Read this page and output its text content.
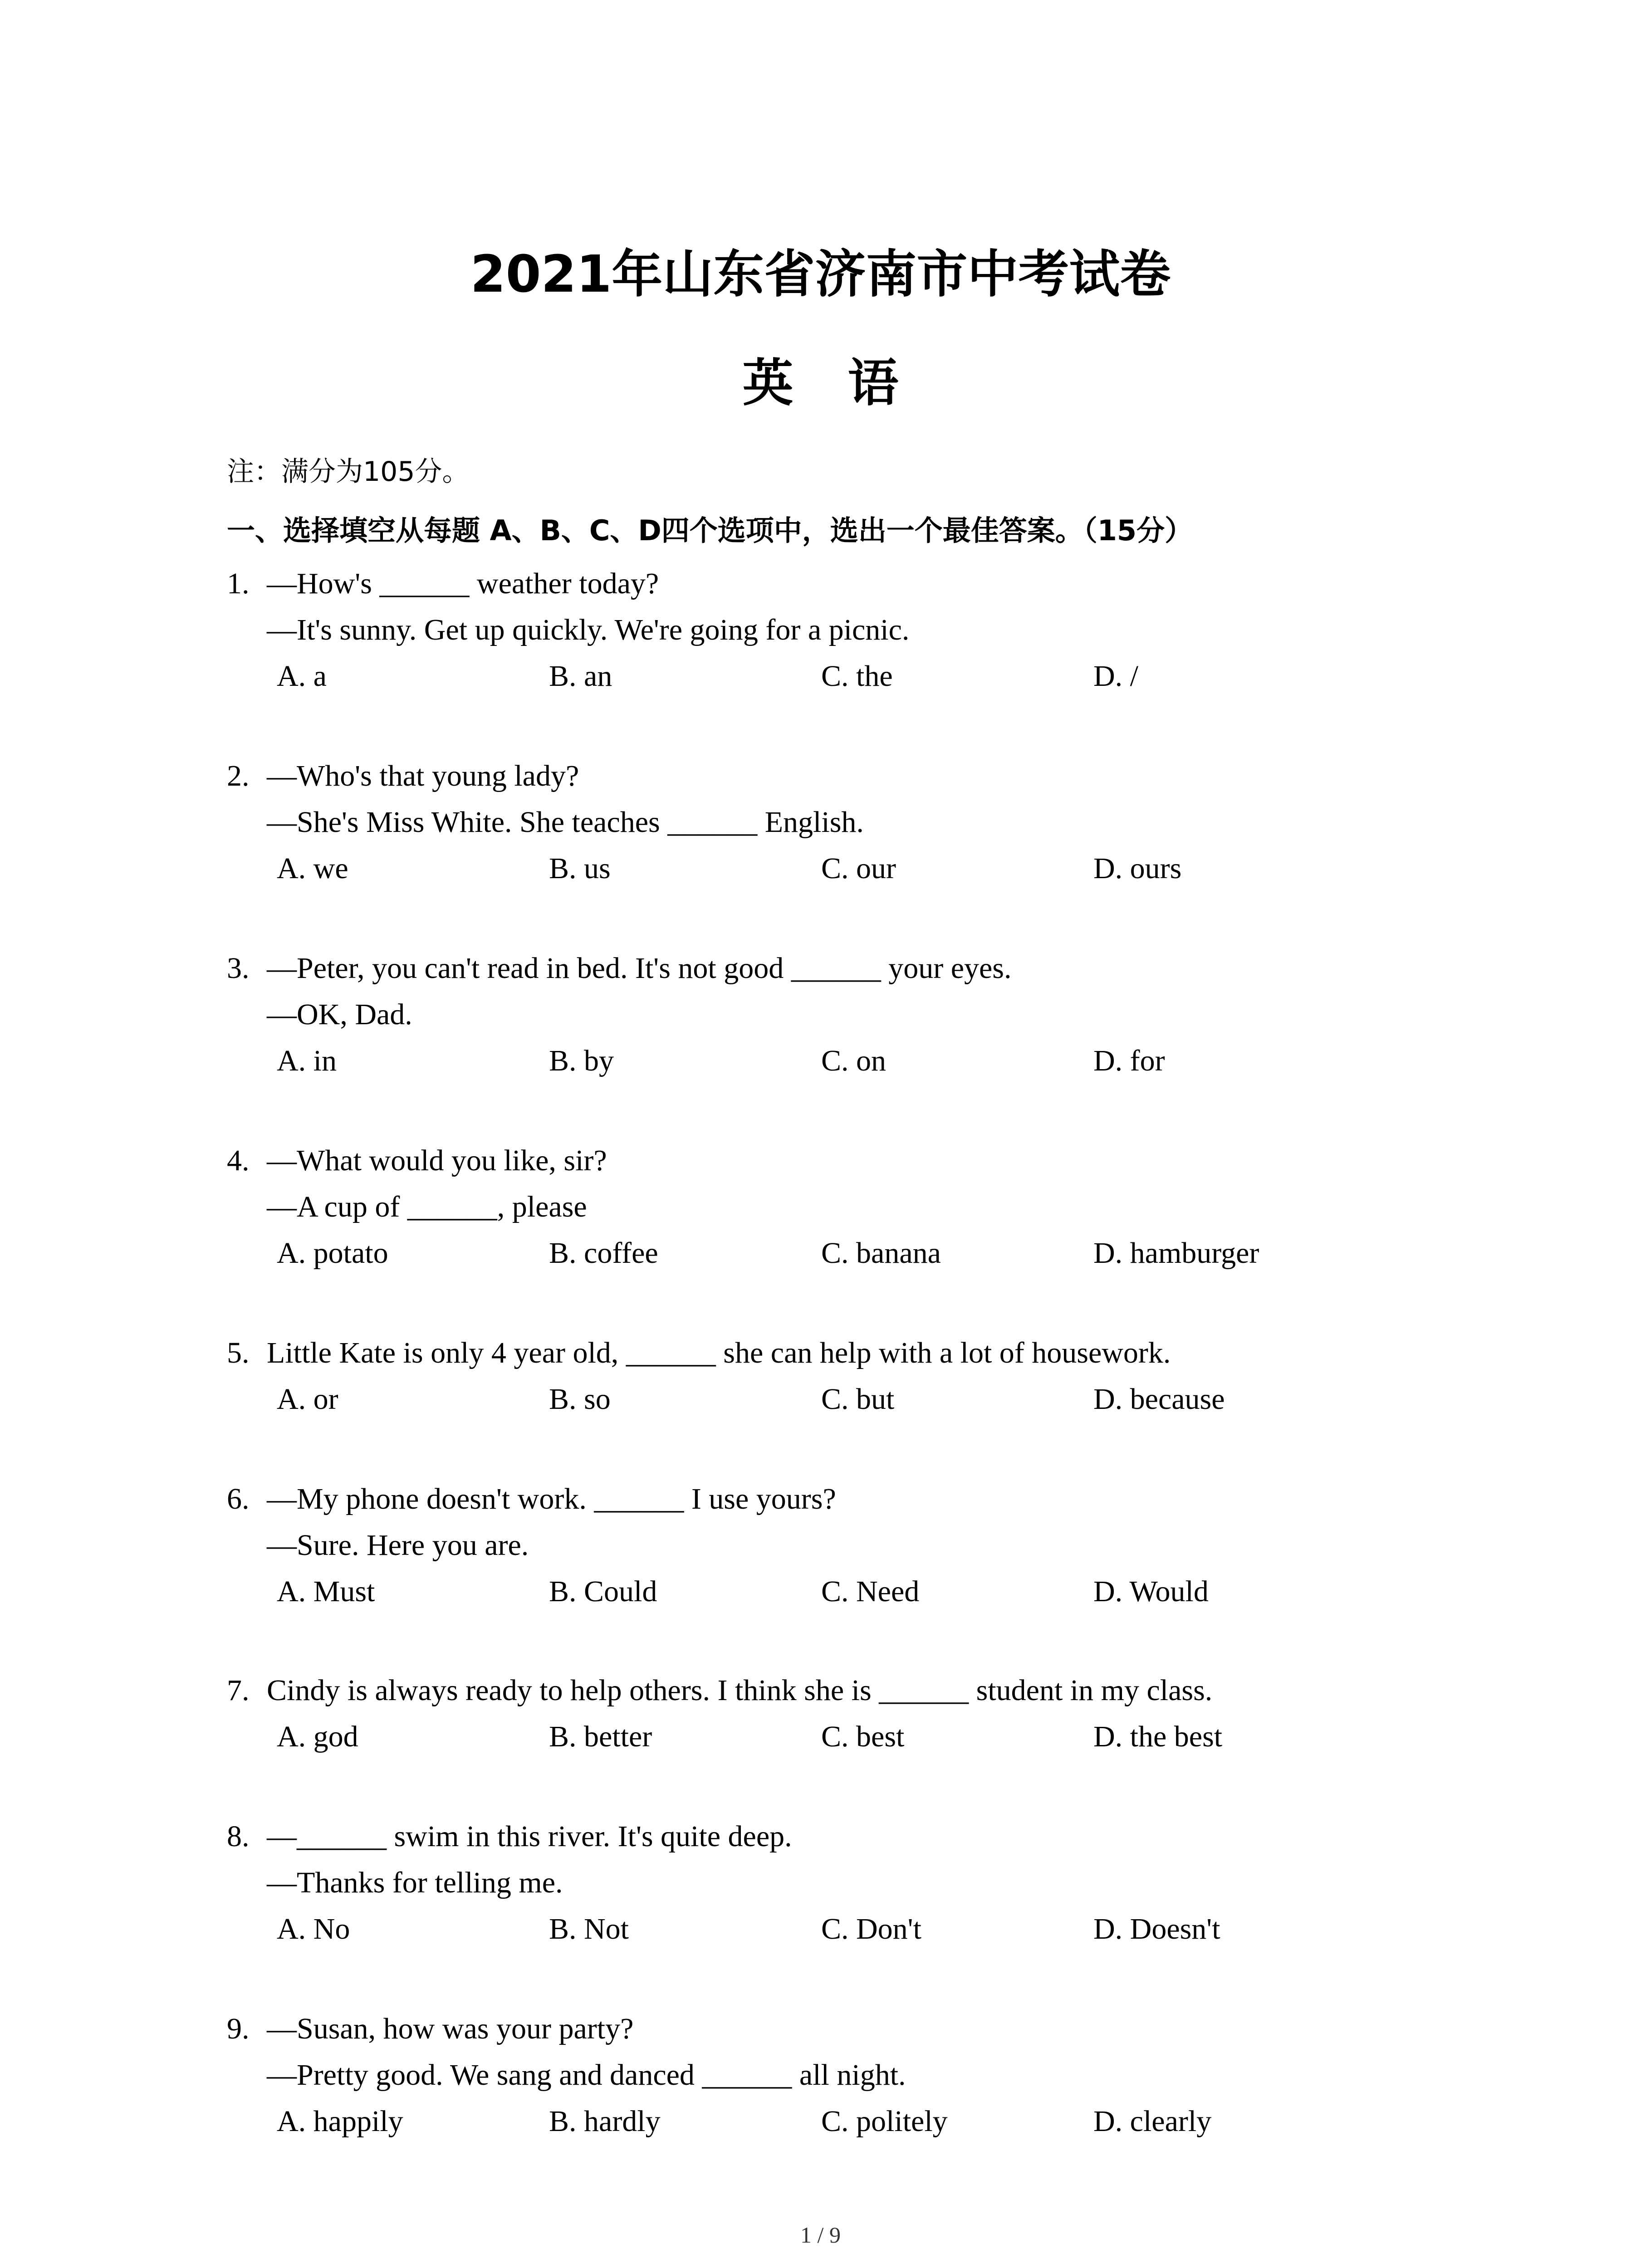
2021年山东省济南市中考试卷
英语
注：满分为105分。
一、选择填空从每题 A、B、C、D四个选项中，选出一个最佳答案。（15分）
1. —How's ______ weather today?
—It's sunny. Get up quickly. We're going for a picnic.
A. a	B. an	C. the	D. /
2. —Who's that young lady?
—She's Miss White. She teaches ______ English.
A. we	B. us	C. our	D. ours
3. —Peter, you can't read in bed. It's not good ______ your eyes.
—OK, Dad.
A. in	B. by	C. on	D. for
4. —What would you like, sir?
—A cup of ______, please
A. potato	B. coffee	C. banana	D. hamburger
5. Little Kate is only 4 year old, ______ she can help with a lot of housework.
A. or	B. so	C. but	D. because
6. —My phone doesn't work. ______ I use yours?
—Sure. Here you are.
A. Must	B. Could	C. Need	D. Would
7. Cindy is always ready to help others. I think she is ______ student in my class.
A. god	B. better	C. best	D. the best
8. —______ swim in this river. It's quite deep.
—Thanks for telling me.
A. No	B. Not	C. Don't	D. Doesn't
9. —Susan, how was your party?
—Pretty good. We sang and danced ______ all night.
A. happily	B. hardly	C. politely	D. clearly
1 / 9
